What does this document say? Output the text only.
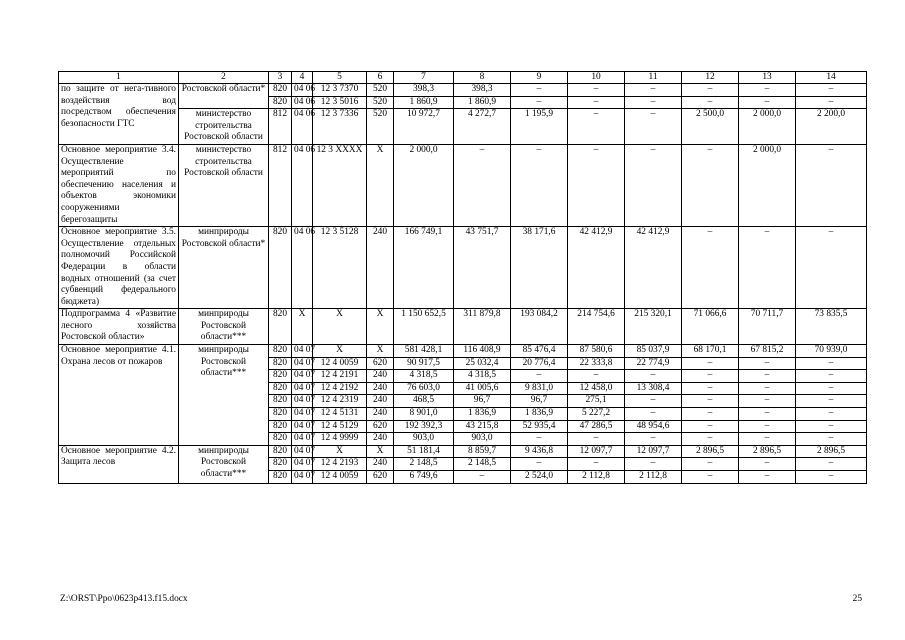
1	2	3	4	5	6	7	8	9	10	11	12	13	14
по защите от нега-тивного воздействия вод посредством обеспечения безопасности ГТС	Ростовской области*	820	04 06	12 3 7370	520	398,3	398,3	–	–	–	–	–	–
		820	04 06	12 3 5016	520	1 860,9	1 860,9	–	–	–	–	–	–
	министерство строительства Ростовской области	812	04 06	12 3 7336	520	10 972,7	4 272,7	1 195,9	–	–	2 500,0	2 000,0	2 200,0
Основное мероприятие 3.4. Осуществление мероприятий по обеспечению населения и объектов экономики сооружениями берегозащиты	министерство строительства Ростовской области	812	04 06	12 3 ХХХХ	Х	2 000,0	–	–	–	–	–	2 000,0	–
Основное мероприятие 3.5. Осуществление отдельных полномочий Российской Федерации в области водных отношений (за счет субвенций федерального бюджета)	минприроды Ростовской области*	820	04 06	12 3 5128	240	166 749,1	43 751,7	38 171,6	42 412,9	42 412,9	–	–	–
Подпрограмма 4 «Развитие лесного хозяйства Ростовской области»	минприроды Ростовской области***	820	Х	Х	Х	1 150 652,5	311 879,8	193 084,2	214 754,6	215 320,1	71 066,6	70 711,7	73 835,5
Основное мероприятие 4.1. Охрана лесов от пожаров	минприроды Ростовской области***	820	04 07	Х	Х	581 428,1	116 408,9	85 476,4	87 580,6	85 037,9	68 170,1	67 815,2	70 939,0
		820	04 07	12 4 0059	620	90 917,5	25 032,4	20 776,4	22 333,8	22 774,9	–	–	–
		820	04 07	12 4 2191	240	4 318,5	4 318,5	–	–	–	–	–	–
		820	04 07	12 4 2192	240	76 603,0	41 005,6	9 831,0	12 458,0	13 308,4	–	–	–
		820	04 07	12 4 2319	240	468,5	96,7	96,7	275,1	–	–	–	–
		820	04 07	12 4 5131	240	8 901,0	1 836,9	1 836,9	5 227,2	–	–	–	–
		820	04 07	12 4 5129	620	192 392,3	43 215,8	52 935,4	47 286,5	48 954,6	–	–	–
		820	04 07	12 4 9999	240	903,0	903,0	–	–	–	–	–	–
Основное мероприятие 4.2. Защита лесов	минприроды Ростовской области***	820	04 07	Х	Х	51 181,4	8 859,7	9 436,8	12 097,7	12 097,7	2 896,5	2 896,5	2 896,5
		820	04 07	12 4 2193	240	2 148,5	2 148,5	–	–	–	–	–	–
		820	04 07	12 4 0059	620	6 749,6	–	2 524,0	2 112,8	2 112,8	–	–	–
Z:\ORST\Ppo\0623p413.f15.docx	25
